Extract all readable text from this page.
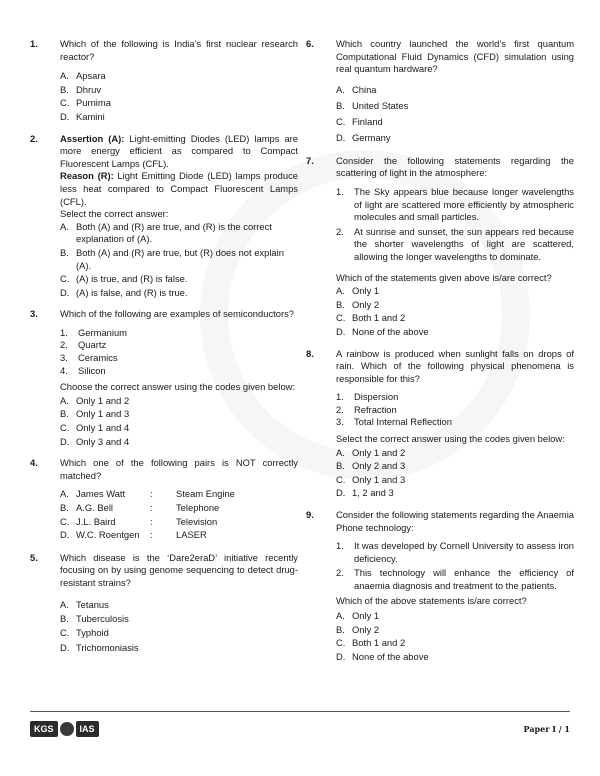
1. Which of the following is India’s first nuclear research reactor?
A. Apsara
B. Dhruv
C. Purnima
D. Kamini
2. Assertion (A): Light-emitting Diodes (LED) lamps are more energy efficient as compared to Compact Fluorescent Lamps (CFL).
Reason (R): Light Emitting Diode (LED) lamps produce less heat compared to Compact Fluorescent Lamps (CFL).
Select the correct answer:
A. Both (A) and (R) are true, and (R) is the correct explanation of (A).
B. Both (A) and (R) are true, but (R) does not explain (A).
C. (A) is true, and (R) is false.
D. (A) is false, and (R) is true.
3. Which of the following are examples of semiconductors?
1. Germanium
2. Quartz
3. Ceramics
4. Silicon
Choose the correct answer using the codes given below:
A. Only 1 and 2
B. Only 1 and 3
C. Only 1 and 4
D. Only 3 and 4
4. Which one of the following pairs is NOT correctly matched?
A. James Watt	: Steam Engine
B. A.G. Bell	: Telephone
C. J.L. Baird	: Television
D. W.C. Roentgen : LASER
5. Which disease is the ‘Dare2eraD’ initiative recently focusing on by using genome sequencing to detect drug-resistant strains?
A. Tetanus
B. Tuberculosis
C. Typhoid
D. Trichomoniasis
6. Which country launched the world’s first quantum Computational Fluid Dynamics (CFD) simulation using real quantum hardware?
A. China
B. United States
C. Finland
D. Germany
7. Consider the following statements regarding the scattering of light in the atmosphere:
1. The Sky appears blue because longer wavelengths of light are scattered more efficiently by atmospheric molecules and small particles.
2. At sunrise and sunset, the sun appears red because the shorter wavelengths of light are scattered, allowing the longer wavelengths to dominate.
Which of the statements given above is/are correct?
A. Only 1
B. Only 2
C. Both 1 and 2
D. None of the above
8. A rainbow is produced when sunlight falls on drops of rain. Which of the following physical phenomena is responsible for this?
1. Dispersion
2. Refraction
3. Total Internal Reflection
Select the correct answer using the codes given below:
A. Only 1 and 2
B. Only 2 and 3
C. Only 1 and 3
D. 1, 2 and 3
9. Consider the following statements regarding the Anaemia Phone technology:
1. It was developed by Cornell University to assess iron deficiency.
2. This technology will enhance the efficiency of anaemia diagnosis and treatment to the patients.
Which of the above statements is/are correct?
A. Only 1
B. Only 2
C. Both 1 and 2
D. None of the above
KGS	IAS	Paper I / 1
